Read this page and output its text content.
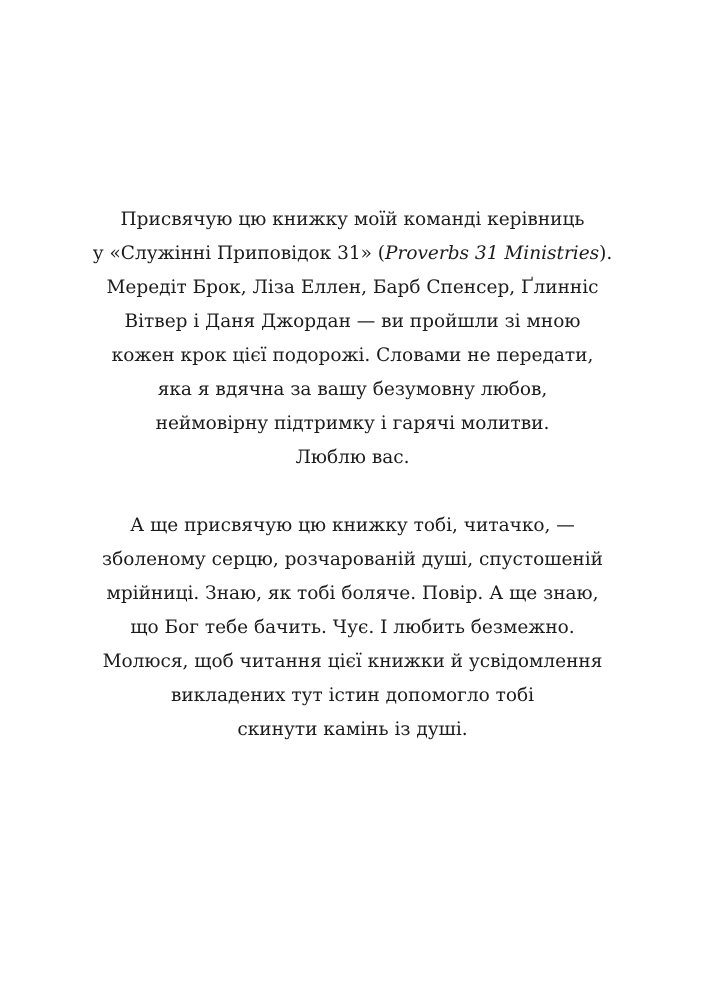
Присвячую цю книжку моїй команді керівниць
у «Служінні Приповідок 31» (Proverbs 31 Ministries).
Мередіт Брок, Ліза Еллен, Барб Спенсер, Ґлинніс
Вітвер і Даня Джордан — ви пройшли зі мною
кожен крок цієї подорожі. Словами не передати,
яка я вдячна за вашу безумовну любов,
неймовірну підтримку і гарячі молитви.
Люблю вас.
А ще присвячую цю книжку тобі, читачко, —
зболеному серцю, розчарованій душі, спустошеній
мрійниці. Знаю, як тобі боляче. Повір. А ще знаю,
що Бог тебе бачить. Чує. І любить безмежно.
Молюся, щоб читання цієї книжки й усвідомлення
викладених тут істин допомогло тобі
скинути камінь із душі.
